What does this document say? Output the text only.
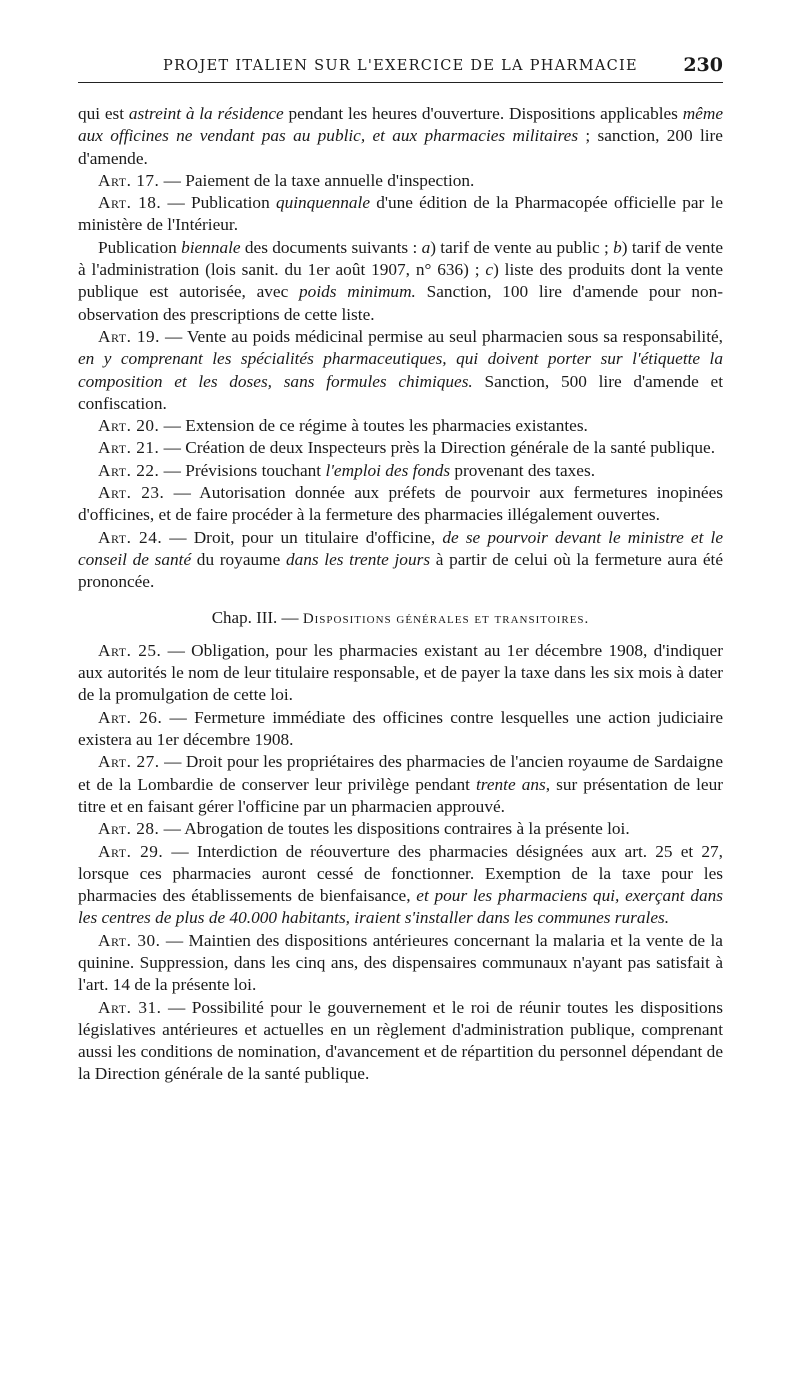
PROJET ITALIEN SUR L'EXERCICE DE LA PHARMACIE	230

qui est astreint à la résidence pendant les heures d'ouverture. Dispositions applicables même aux officines ne vendant pas au public, et aux pharmacies militaires ; sanction, 200 lire d'amende.

Art. 17. — Paiement de la taxe annuelle d'inspection.

Art. 18. — Publication quinquennale d'une édition de la Pharmacopée officielle par le ministère de l'Intérieur.

Publication biennale des documents suivants : a) tarif de vente au public ; b) tarif de vente à l'administration (lois sanit. du 1er août 1907, n° 636) ; c) liste des produits dont la vente publique est autorisée, avec poids minimum. Sanction, 100 lire d'amende pour non-observation des prescriptions de cette liste.

Art. 19. — Vente au poids médicinal permise au seul pharmacien sous sa responsabilité, en y comprenant les spécialités pharmaceutiques, qui doivent porter sur l'étiquette la composition et les doses, sans formules chimiques. Sanction, 500 lire d'amende et confiscation.

Art. 20. — Extension de ce régime à toutes les pharmacies existantes.

Art. 21. — Création de deux Inspecteurs près la Direction générale de la santé publique.

Art. 22. — Prévisions touchant l'emploi des fonds provenant des taxes.

Art. 23. — Autorisation donnée aux préfets de pourvoir aux fermetures inopinées d'officines, et de faire procéder à la fermeture des pharmacies illégalement ouvertes.

Art. 24. — Droit, pour un titulaire d'officine, de se pourvoir devant le ministre et le conseil de santé du royaume dans les trente jours à partir de celui où la fermeture aura été prononcée.

Chap. III. — Dispositions générales et transitoires.

Art. 25. — Obligation, pour les pharmacies existant au 1er décembre 1908, d'indiquer aux autorités le nom de leur titulaire responsable, et de payer la taxe dans les six mois à dater de la promulgation de cette loi.

Art. 26. — Fermeture immédiate des officines contre lesquelles une action judiciaire existera au 1er décembre 1908.

Art. 27. — Droit pour les propriétaires des pharmacies de l'ancien royaume de Sardaigne et de la Lombardie de conserver leur privilège pendant trente ans, sur présentation de leur titre et en faisant gérer l'officine par un pharmacien approuvé.

Art. 28. — Abrogation de toutes les dispositions contraires à la présente loi.

Art. 29. — Interdiction de réouverture des pharmacies désignées aux art. 25 et 27, lorsque ces pharmacies auront cessé de fonctionner. Exemption de la taxe pour les pharmacies des établissements de bienfaisance, et pour les pharmaciens qui, exerçant dans les centres de plus de 40.000 habitants, iraient s'installer dans les communes rurales.

Art. 30. — Maintien des dispositions antérieures concernant la malaria et la vente de la quinine. Suppression, dans les cinq ans, des dispensaires communaux n'ayant pas satisfait à l'art. 14 de la présente loi.

Art. 31. — Possibilité pour le gouvernement et le roi de réunir toutes les dispositions législatives antérieures et actuelles en un règlement d'administration publique, comprenant aussi les conditions de nomination, d'avancement et de répartition du personnel dépendant de la Direction générale de la santé publique.
